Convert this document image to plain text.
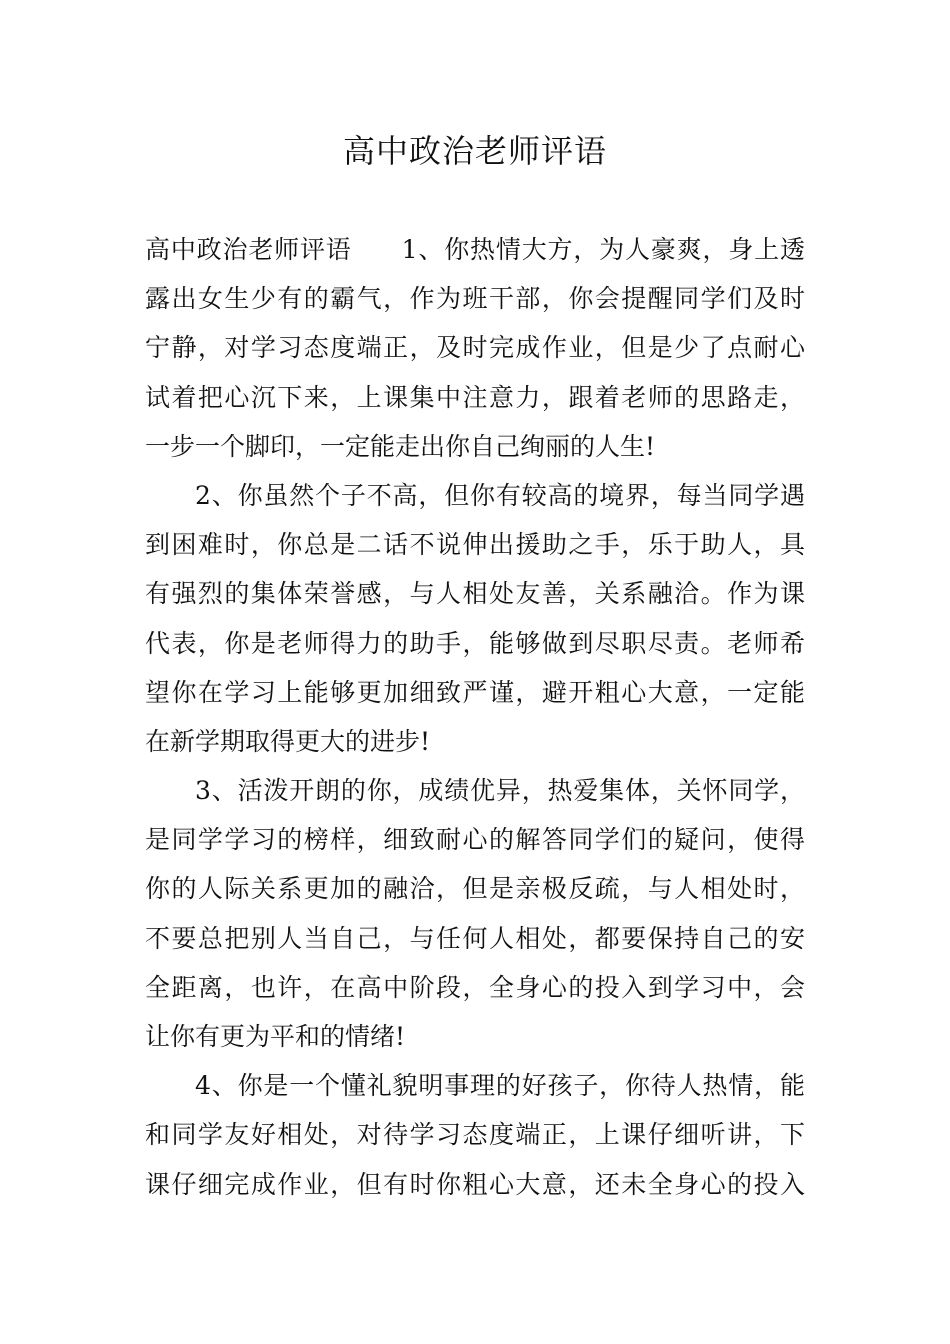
高中政治老师评语
高中政治老师评语 1、你热情大方，为人豪爽，身上透
露出女生少有的霸气，作为班干部，你会提醒同学们及时
宁静，对学习态度端正，及时完成作业，但是少了点耐心
试着把心沉下来，上课集中注意力，跟着老师的思路走，
一步一个脚印，一定能走出你自己绚丽的人生!
2、你虽然个子不高，但你有较高的境界，每当同学遇
到困难时，你总是二话不说伸出援助之手，乐于助人，具
有强烈的集体荣誉感，与人相处友善，关系融洽。作为课
代表，你是老师得力的助手，能够做到尽职尽责。老师希
望你在学习上能够更加细致严谨，避开粗心大意，一定能
在新学期取得更大的进步!
3、活泼开朗的你，成绩优异，热爱集体，关怀同学，
是同学学习的榜样，细致耐心的解答同学们的疑问，使得
你的人际关系更加的融洽，但是亲极反疏，与人相处时，
不要总把别人当自己，与任何人相处，都要保持自己的安
全距离，也许，在高中阶段，全身心的投入到学习中，会
让你有更为平和的情绪!
4、你是一个懂礼貌明事理的好孩子，你待人热情，能
和同学友好相处，对待学习态度端正，上课仔细听讲，下
课仔细完成作业，但有时你粗心大意，还未全身心的投入
